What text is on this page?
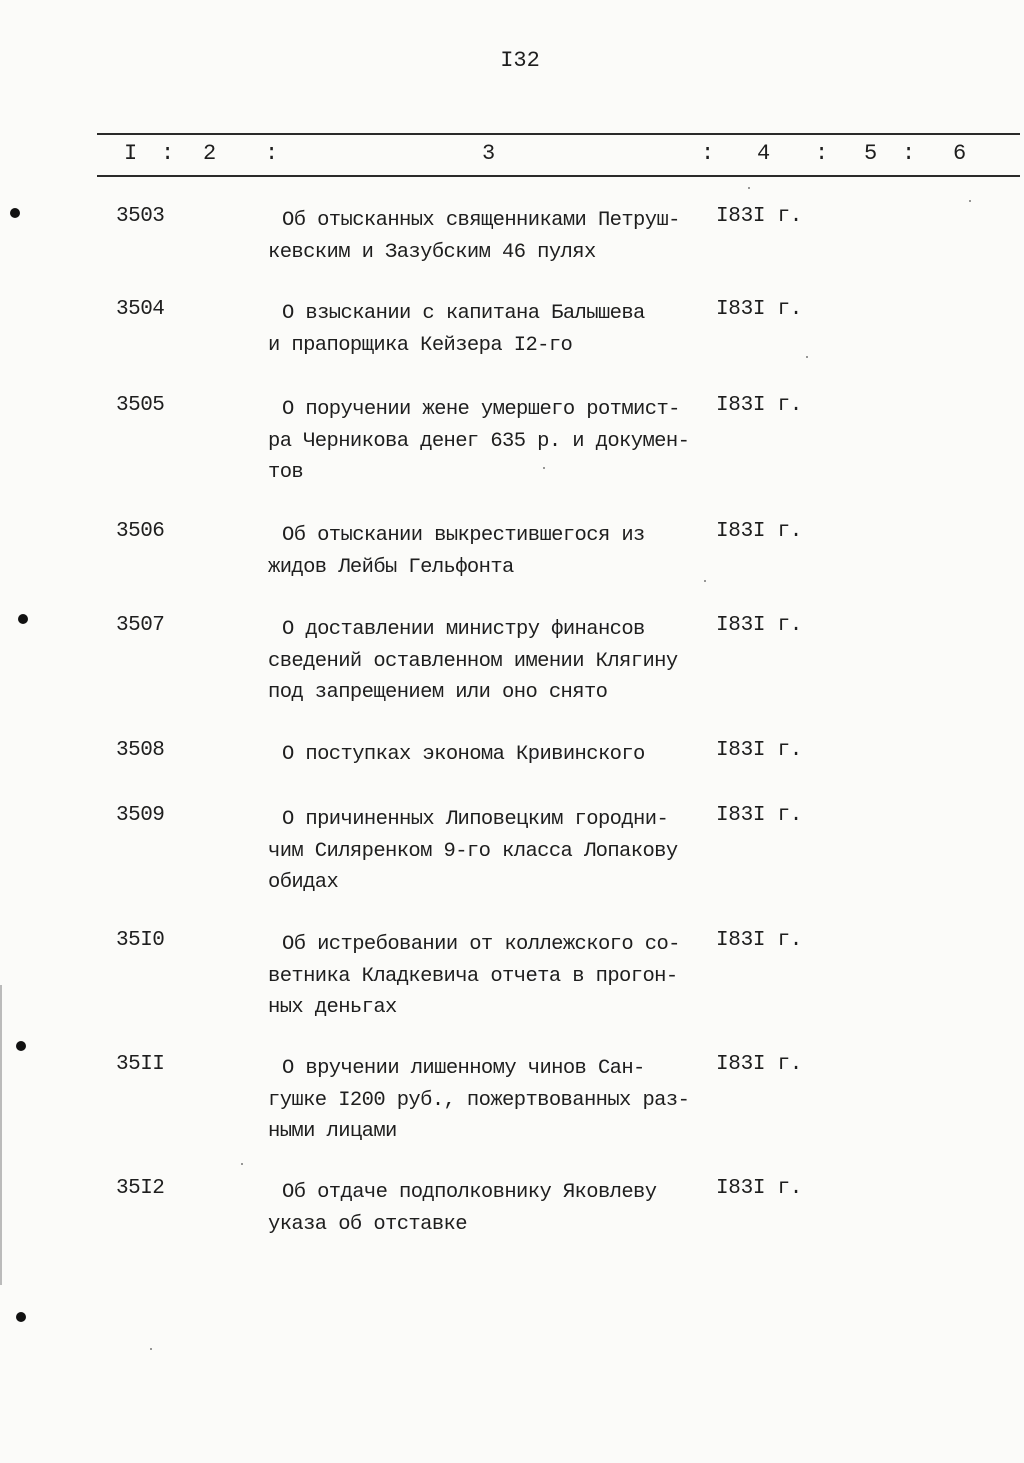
I32
I : 2 :	3	: 4 : 5 : 6
3503	Об отысканных священниками Петруш-
кевским и Зазубским 46 пулях
I83I г.
3504	О взыскании с капитана Балышева
и прапорщика Кейзера I2-го
I83I г.
3505	О поручении жене умершего ротмист-
ра Черникова денег 635 р. и докумен-
тов
I83I г.
3506	Об отыскании выкрестившегося из
жидов Лейбы Гельфонта
I83I г.
3507	О доставлении министру финансов
сведений оставленном имении Клягину
под запрещением или оно снято
I83I г.
3508	О поступках эконома Кривинского	I83I г.
3509	О причиненных Липовецким городни-
чим Силяренком 9-го класса Лопакову
обидах
I83I г.
35I0	Об истребовании от коллежского со-
ветника Кладкевича отчета в прогон-
ных деньгах
I83I г.
35II	О вручении лишенному чинов Сан-
гушке I200 руб., пожертвованных раз-
ными лицами
I83I г.
35I2	Об отдаче подполковнику Яковлеву
указа об отставке
I83I г.
